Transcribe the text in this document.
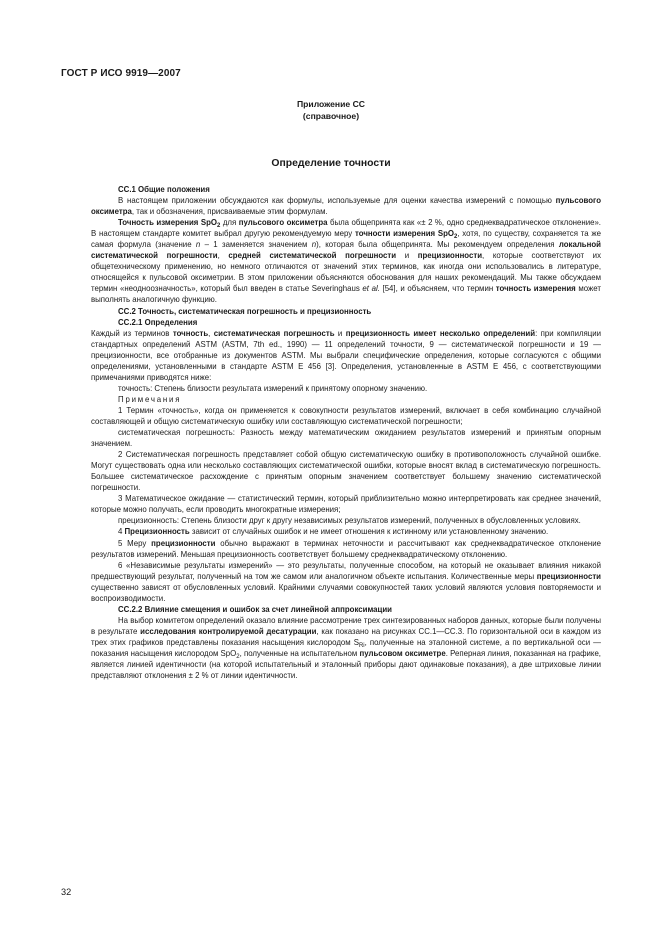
ГОСТ Р ИСО 9919—2007
Приложение СС
(справочное)
Определение точности

СС.1 Общие положения

В настоящем приложении обсуждаются как формулы, используемые для оценки качества измерений с помощью пульсового оксиметра, так и обозначения, присваиваемые этим формулам.

Точность измерения SpO$_2$ для пульсового оксиметра была общепринята как «± 2 %, одно среднеквадратическое отклонение». В настоящем стандарте комитет выбрал другую рекомендуемую меру точности измерения SpO$_2$, хотя, по существу, сохраняется та же самая формула (значение n – 1 заменяется значением n), которая была общепринята. Мы рекомендуем определения локальной систематической погрешности, средней систематической погрешности и прецизионности, которые соответствуют их общетехническому применению, но немного отличаются от значений этих терминов, как иногда они использовались в литературе, относящейся к пульсовой оксиметрии. В этом приложении объясняются обоснования для наших рекомендаций. Мы также обсуждаем термин «неодноозначность», который был введен в статье Severinghaus et al. [54], и объясняем, что термин точность измерения может выполнять аналогичную функцию.

СС.2 Точность, систематическая погрешность и прецизионность

СС.2.1 Определения

Каждый из терминов точность, систематическая погрешность и прецизионность имеет несколько определений: при компиляции стандартных определений ASTM (ASTM, 7th ed., 1990) — 11 определений точности, 9 — систематической погрешности и 19 — прецизионности, все отобранные из документов ASTM. Мы выбрали специфические определения, которые согласуются с общими определениями, установленными в стандарте ASTM E 456 [3]. Определения, установленные в ASTM E 456, с соответствующими примечаниями приводятся ниже:

точность: Степень близости результата измерений к принятому опорному значению.

Примечания

1 Термин «точность», когда он применяется к совокупности результатов измерений, включает в себя комбинацию случайной составляющей и общую систематическую ошибку или составляющую систематической погрешности;

систематическая погрешность: Разность между математическим ожиданием результатов измерений и принятым опорным значением.

2 Систематическая погрешность представляет собой общую систематическую ошибку в противоположность случайной ошибке. Могут существовать одна или несколько составляющих систематической ошибки, которые вносят вклад в систематическую погрешность. Большее систематическое расхождение с принятым опорным значением соответствует большему значению систематической погрешности.

3 Математическое ожидание — статистический термин, который приблизительно можно интерпретировать как среднее значений, которые можно получать, если проводить многократные измерения;

прецизионность: Степень близости друг к другу независимых результатов измерений, полученных в обусловленных условиях.

4 Прецизионность зависит от случайных ошибок и не имеет отношения к истинному или установленному значению.

5 Меру прецизионности обычно выражают в терминах неточности и рассчитывают как среднеквадратическое отклонение результатов измерений. Меньшая прецизионность соответствует большему среднеквадратическому отклонению.

6 «Независимые результаты измерений» — это результаты, полученные способом, на который не оказывает влияния никакой предшествующий результат, полученный на том же самом или аналогичном объекте испытания. Количественные меры прецизионности существенно зависят от обусловленных условий. Крайними случаями совокупностей таких условий являются условия повторяемости и воспроизводимости.

СС.2.2 Влияние смещения и ошибок за счет линейной аппроксимации

На выбор комитетом определений оказало влияние рассмотрение трех синтезированных наборов данных, которые были получены в результате исследования контролируемой десатурации, как показано на рисунках СС.1—СС.3. По горизонтальной оси в каждом из трех этих графиков представлены показания насыщения кислородом $S_{Ri}$, полученные на эталонной системе, а по вертикальной оси — показания насыщения кислородом SpO$_2$, полученные на испытательном пульсовом оксиметре. Реперная линия, показанная на графике, является линией идентичности (на которой испытательный и эталонный приборы дают одинаковые показания), а две штриховые линии представляют отклонения ± 2 % от линии идентичности.

32
